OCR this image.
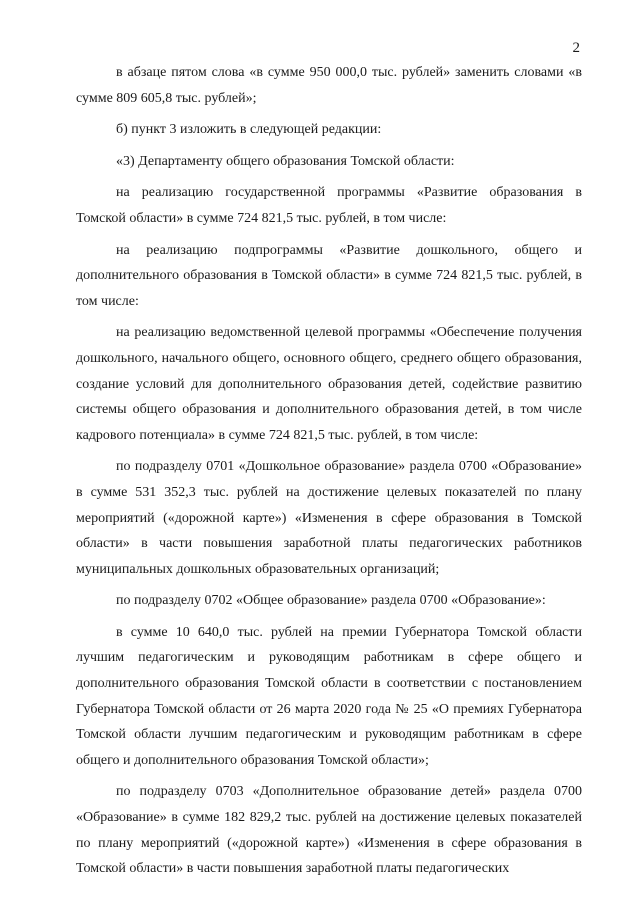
2

в абзаце пятом слова «в сумме 950 000,0 тыс. рублей» заменить словами «в сумме 809 605,8 тыс. рублей»;

б) пункт 3 изложить в следующей редакции:

«3) Департаменту общего образования Томской области:

на реализацию государственной программы «Развитие образования в Томской области» в сумме 724 821,5 тыс. рублей, в том числе:

на реализацию подпрограммы «Развитие дошкольного, общего и дополнительного образования в Томской области» в сумме 724 821,5 тыс. рублей, в том числе:

на реализацию ведомственной целевой программы «Обеспечение получения дошкольного, начального общего, основного общего, среднего общего образования, создание условий для дополнительного образования детей, содействие развитию системы общего образования и дополнительного образования детей, в том числе кадрового потенциала» в сумме 724 821,5 тыс. рублей, в том числе:

по подразделу 0701 «Дошкольное образование» раздела 0700 «Образование» в сумме 531 352,3 тыс. рублей на достижение целевых показателей по плану мероприятий («дорожной карте») «Изменения в сфере образования в Томской области» в части повышения заработной платы педагогических работников муниципальных дошкольных образовательных организаций;

по подразделу 0702 «Общее образование» раздела 0700 «Образование»:

в сумме 10 640,0 тыс. рублей на премии Губернатора Томской области лучшим педагогическим и руководящим работникам в сфере общего и дополнительного образования Томской области в соответствии с постановлением Губернатора Томской области от 26 марта 2020 года № 25 «О премиях Губернатора Томской области лучшим педагогическим и руководящим работникам в сфере общего и дополнительного образования Томской области»;

по подразделу 0703 «Дополнительное образование детей» раздела 0700 «Образование» в сумме 182 829,2 тыс. рублей на достижение целевых показателей по плану мероприятий («дорожной карте») «Изменения в сфере образования в Томской области» в части повышения заработной платы педагогических
